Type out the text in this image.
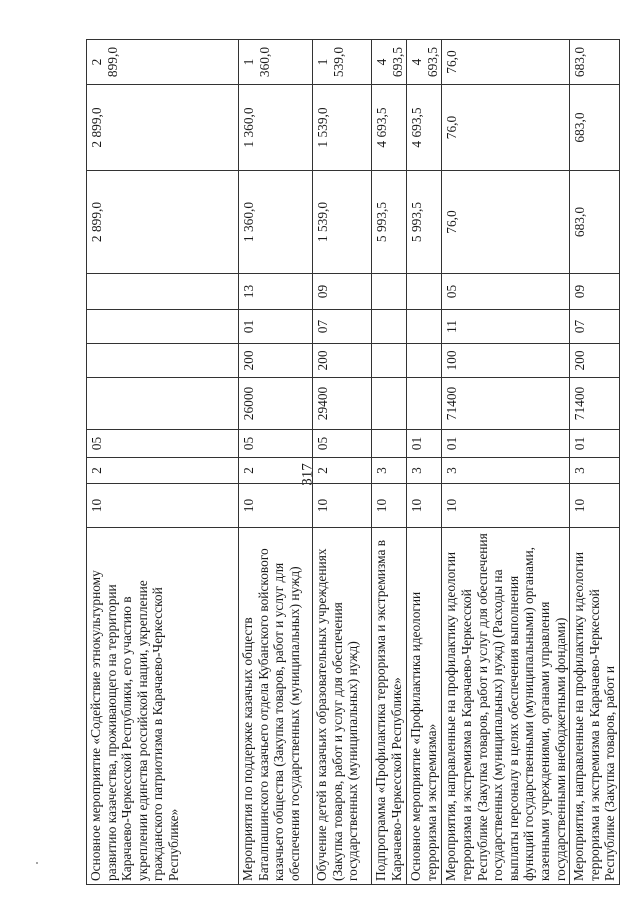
317
Основное мероприятие «Содействие этнокультурному развитию казачества, проживающего на территории Карачаево-Черкесской Республики, его участию в укреплении единства российской нации, укрепление гражданского патриотизма в Карачаево-Черкесской Республике»	10	2	05					2 899,0	2 899,0	2 899,0
Мероприятия по поддержке казачьих обществ Баталпашинского казачьего отдела Кубанского войскового казачьего общества (Закупка товаров, работ и услуг для обеспечения государственных (муниципальных) нужд)	10	2	05	26000	200	01	13	1 360,0	1 360,0	1 360,0
Обучение детей в казачьих образовательных учреждениях (Закупка товаров, работ и услуг для обеспечения государственных (муниципальных) нужд)	10	2	05	29400	200	07	09	1 539,0	1 539,0	1 539,0
Подпрограмма «Профилактика терроризма и экстремизма в Карачаево-Черкесской Республике»	10	3						5 993,5	4 693,5	4 693,5
Основное мероприятие «Профилактика идеологии терроризма и экстремизма»	10	3	01					5 993,5	4 693,5	4 693,5
Мероприятия, направленные на профилактику идеологии терроризма и экстремизма в Карачаево-Черкесской Республике (Закупка товаров, работ и услуг для обеспечения государственных (муниципальных) нужд) (Расходы на выплаты персоналу в целях обеспечения выполнения функций государственными (муниципальными) органами, казенными учреждениями, органами управления государственными внебюджетными фондами)	10	3	01	71400	100	11	05	76,0	76,0	76,0
Мероприятия, направленные на профилактику идеологии терроризма и экстремизма в Карачаево-Черкесской Республике (Закупка товаров, работ и	10	3	01	71400	200	07	09	683,0	683,0	683,0
